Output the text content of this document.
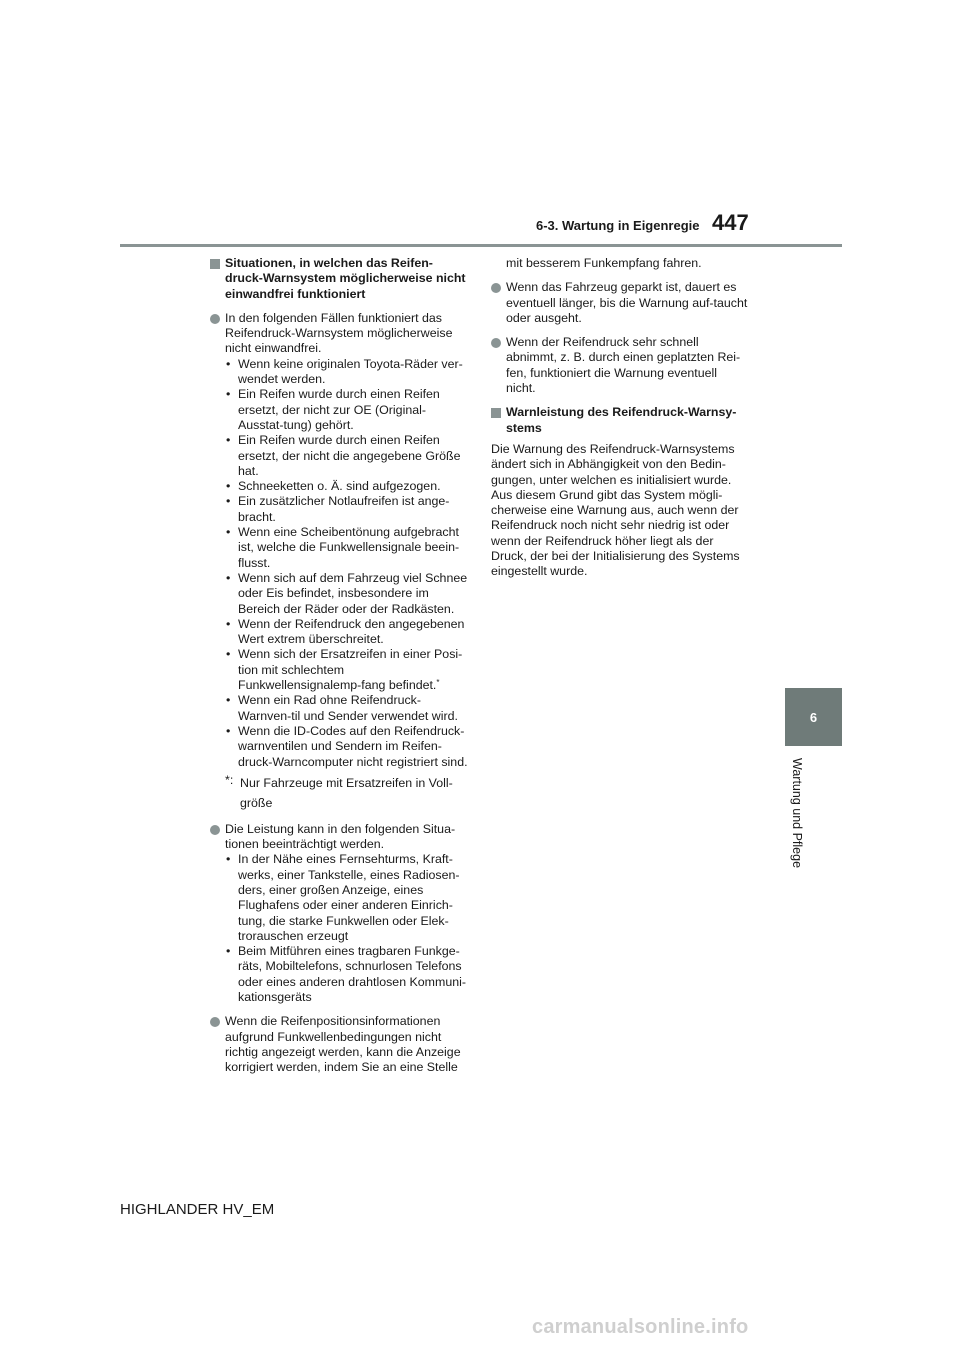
6-3. Wartung in Eigenregie 447
6
Wartung und Pflege
Situationen, in welchen das Reifen-druck-Warnsystem möglicherweise nicht einwandfrei funktioniert
In den folgenden Fällen funktioniert das Reifendruck-Warnsystem möglicherweise nicht einwandfrei.
• Wenn keine originalen Toyota-Räder ver-wendet werden.
• Ein Reifen wurde durch einen Reifen ersetzt, der nicht zur OE (Original-Ausstat-tung) gehört.
• Ein Reifen wurde durch einen Reifen ersetzt, der nicht die angegebene Größe hat.
• Schneeketten o. Ä. sind aufgezogen.
• Ein zusätzlicher Notlaufreifen ist ange-bracht.
• Wenn eine Scheibentönung aufgebracht ist, welche die Funkwellensignale beein-flusst.
• Wenn sich auf dem Fahrzeug viel Schnee oder Eis befindet, insbesondere im Bereich der Räder oder der Radkästen.
• Wenn der Reifendruck den angegebenen Wert extrem überschreitet.
• Wenn sich der Ersatzreifen in einer Posi-tion mit schlechtem Funkwellensignalemp-fang befindet.*
• Wenn ein Rad ohne Reifendruck-Warnven-til und Sender verwendet wird.
• Wenn die ID-Codes auf den Reifendruck-warnventilen und Sendern im Reifen-druck-Warncomputer nicht registriert sind.
*: Nur Fahrzeuge mit Ersatzreifen in Voll-größe
Die Leistung kann in den folgenden Situa-tionen beeinträchtigt werden.
• In der Nähe eines Fernsehturms, Kraft-werks, einer Tankstelle, eines Radiosen-ders, einer großen Anzeige, eines Flughafens oder einer anderen Einrich-tung, die starke Funkwellen oder Elek-trorauschen erzeugt
• Beim Mitführen eines tragbaren Funkge-räts, Mobiltelefons, schnurlosen Telefons oder eines anderen drahtlosen Kommuni-kationsgeräts
Wenn die Reifenpositionsinformationen aufgrund Funkwellenbedingungen nicht richtig angezeigt werden, kann die Anzeige korrigiert werden, indem Sie an eine Stelle
mit besserem Funkempfang fahren.
Wenn das Fahrzeug geparkt ist, dauert es eventuell länger, bis die Warnung auf-taucht oder ausgeht.
Wenn der Reifendruck sehr schnell abnimmt, z. B. durch einen geplatzten Rei-fen, funktioniert die Warnung eventuell nicht.
Warnleistung des Reifendruck-Warnsy-stems

Die Warnung des Reifendruck-Warnsystems ändert sich in Abhängigkeit von den Bedin-gungen, unter welchen es initialisiert wurde. Aus diesem Grund gibt das System mögli-cherweise eine Warnung aus, auch wenn der Reifendruck noch nicht sehr niedrig ist oder wenn der Reifendruck höher liegt als der Druck, der bei der Initialisierung des Systems eingestellt wurde.

HIGHLANDER HV_EM
carmanualsonline.info
